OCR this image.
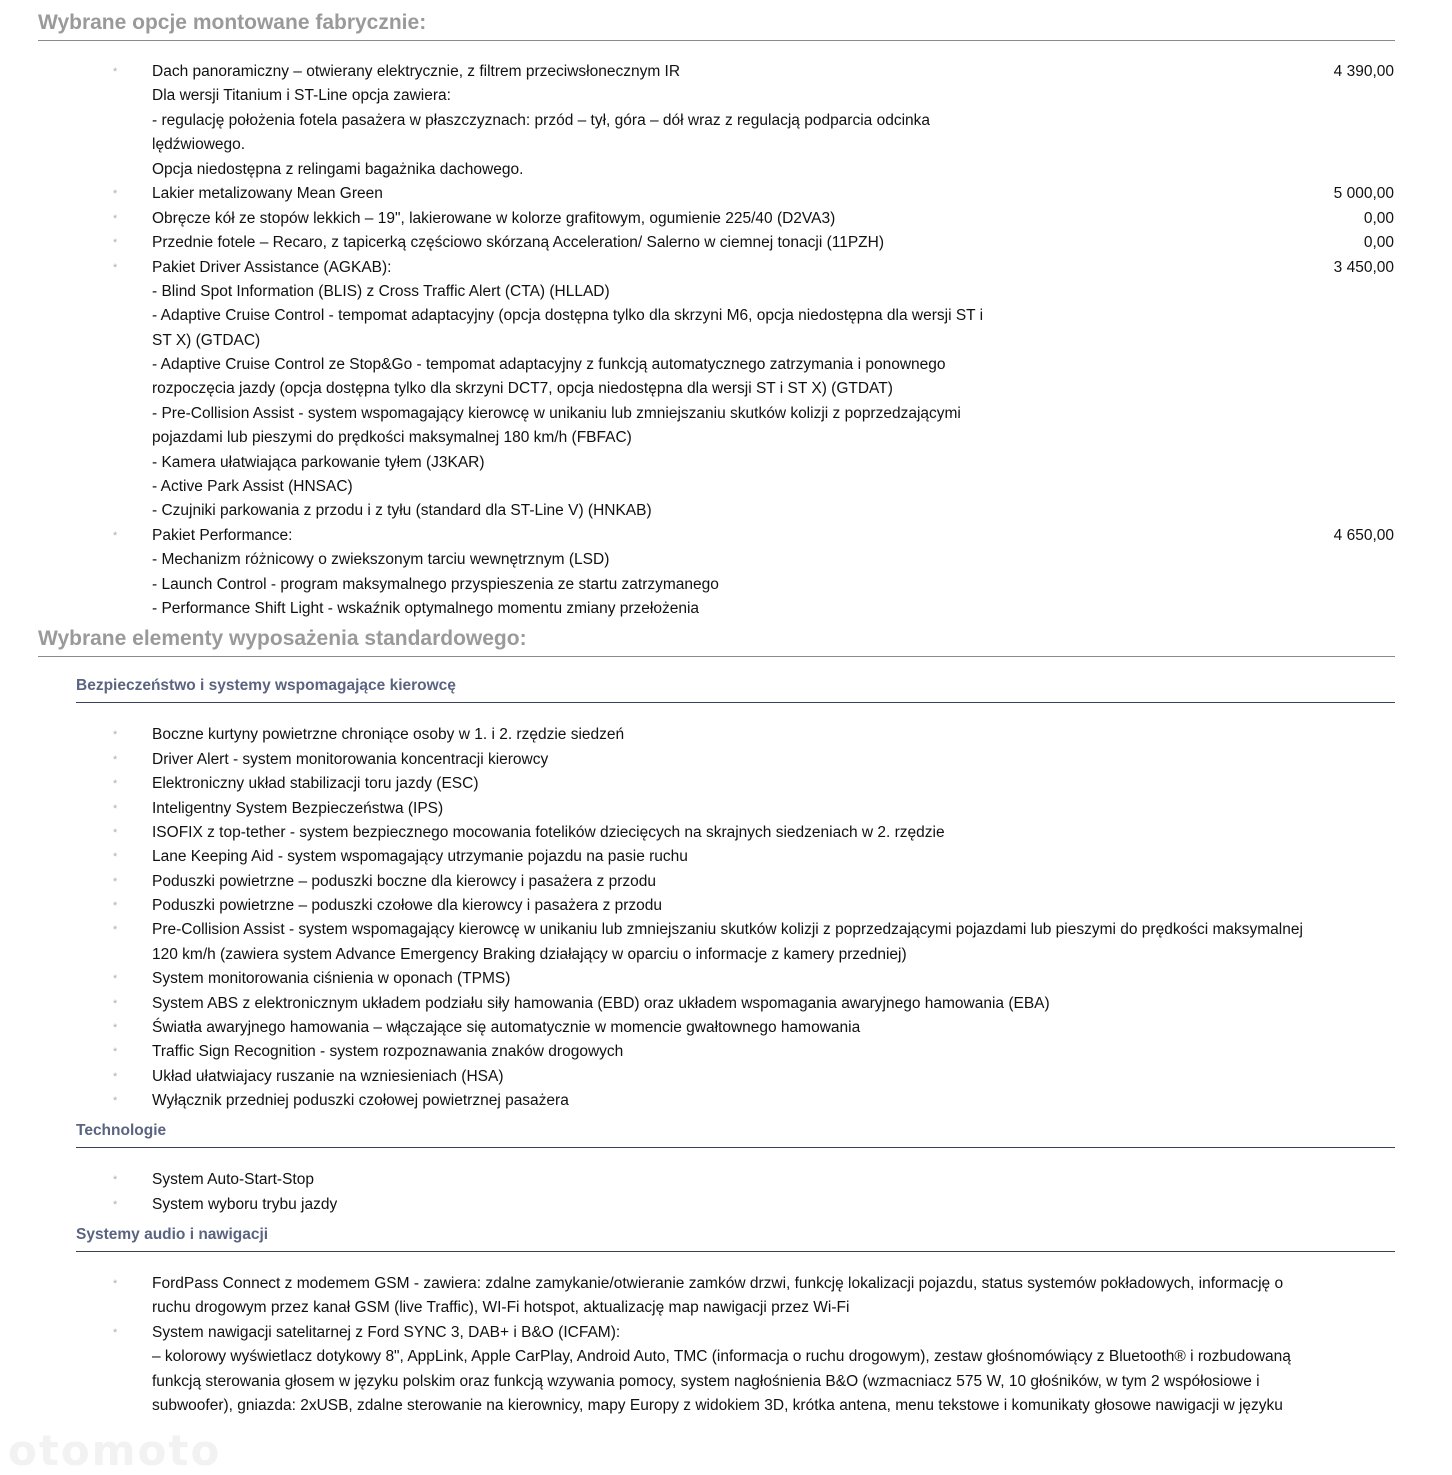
Wybrane opcje montowane fabrycznie:
* Dach panoramiczny – otwierany elektrycznie, z filtrem przeciwsłonecznym IR	4 390,00
Dla wersji Titanium i ST-Line opcja zawiera:
- regulację położenia fotela pasażera w płaszczyznach: przód – tył, góra – dół wraz z regulacją podparcia odcinka
lędźwiowego.
Opcja niedostępna z relingami bagażnika dachowego.
* Lakier metalizowany Mean Green	5 000,00
* Obręcze kół ze stopów lekkich – 19", lakierowane w kolorze grafitowym, ogumienie 225/40 (D2VA3)	0,00
* Przednie fotele – Recaro, z tapicerką częściowo skórzaną Acceleration/ Salerno w ciemnej tonacji (11PZH)	0,00
* Pakiet Driver Assistance (AGKAB):	3 450,00
- Blind Spot Information (BLIS) z Cross Traffic Alert (CTA) (HLLAD)
- Adaptive Cruise Control - tempomat adaptacyjny (opcja dostępna tylko dla skrzyni M6, opcja niedostępna dla wersji ST i
ST X) (GTDAC)
- Adaptive Cruise Control ze Stop&Go - tempomat adaptacyjny z funkcją automatycznego zatrzymania i ponownego
rozpoczęcia jazdy (opcja dostępna tylko dla skrzyni DCT7, opcja niedostępna dla wersji ST i ST X) (GTDAT)
- Pre-Collision Assist - system wspomagający kierowcę w unikaniu lub zmniejszaniu skutków kolizji z poprzedzającymi
pojazdami lub pieszymi do prędkości maksymalnej 180 km/h (FBFAC)
- Kamera ułatwiająca parkowanie tyłem (J3KAR)
- Active Park Assist (HNSAC)
- Czujniki parkowania z przodu i z tyłu (standard dla ST-Line V) (HNKAB)
* Pakiet Performance:	4 650,00
- Mechanizm różnicowy o zwiekszonym tarciu wewnętrznym (LSD)
- Launch Control - program maksymalnego przyspieszenia ze startu zatrzymanego
- Performance Shift Light - wskaźnik optymalnego momentu zmiany przełożenia
Wybrane elementy wyposażenia standardowego:
Bezpieczeństwo i systemy wspomagające kierowcę
* Boczne kurtyny powietrzne chroniące osoby w 1. i 2. rzędzie siedzeń
* Driver Alert - system monitorowania koncentracji kierowcy
* Elektroniczny układ stabilizacji toru jazdy (ESC)
* Inteligentny System Bezpieczeństwa (IPS)
* ISOFIX z top-tether - system bezpiecznego mocowania fotelików dziecięcych na skrajnych siedzeniach w 2. rzędzie
* Lane Keeping Aid - system wspomagający utrzymanie pojazdu na pasie ruchu
* Poduszki powietrzne – poduszki boczne dla kierowcy i pasażera z przodu
* Poduszki powietrzne – poduszki czołowe dla kierowcy i pasażera z przodu
* Pre-Collision Assist - system wspomagający kierowcę w unikaniu lub zmniejszaniu skutków kolizji z poprzedzającymi pojazdami lub pieszymi do prędkości maksymalnej
120 km/h (zawiera system Advance Emergency Braking działający w oparciu o informacje z kamery przedniej)
* System monitorowania ciśnienia w oponach (TPMS)
* System ABS z elektronicznym układem podziału siły hamowania (EBD) oraz układem wspomagania awaryjnego hamowania (EBA)
* Światła awaryjnego hamowania – włączające się automatycznie w momencie gwałtownego hamowania
* Traffic Sign Recognition - system rozpoznawania znaków drogowych
* Układ ułatwiajacy ruszanie na wzniesieniach (HSA)
* Wyłącznik przedniej poduszki czołowej powietrznej pasażera
Technologie
* System Auto-Start-Stop
* System wyboru trybu jazdy
Systemy audio i nawigacji
* FordPass Connect z modemem GSM - zawiera: zdalne zamykanie/otwieranie zamków drzwi, funkcję lokalizacji pojazdu, status systemów pokładowych, informację o
ruchu drogowym przez kanał GSM (live Traffic), WI-Fi hotspot, aktualizację map nawigacji przez Wi-Fi
* System nawigacji satelitarnej z Ford SYNC 3, DAB+ i B&O (ICFAM):
– kolorowy wyświetlacz dotykowy 8", AppLink, Apple CarPlay, Android Auto, TMC (informacja o ruchu drogowym), zestaw głośnomówiący z Bluetooth® i rozbudowaną
funkcją sterowania głosem w języku polskim oraz funkcją wzywania pomocy, system nagłośnienia B&O (wzmacniacz 575 W, 10 głośników, w tym 2 współosiowe i
subwoofer), gniazda: 2xUSB, zdalne sterowanie na kierownicy, mapy Europy z widokiem 3D, krótka antena, menu tekstowe i komunikaty głosowe nawigacji w języku
otomoto
